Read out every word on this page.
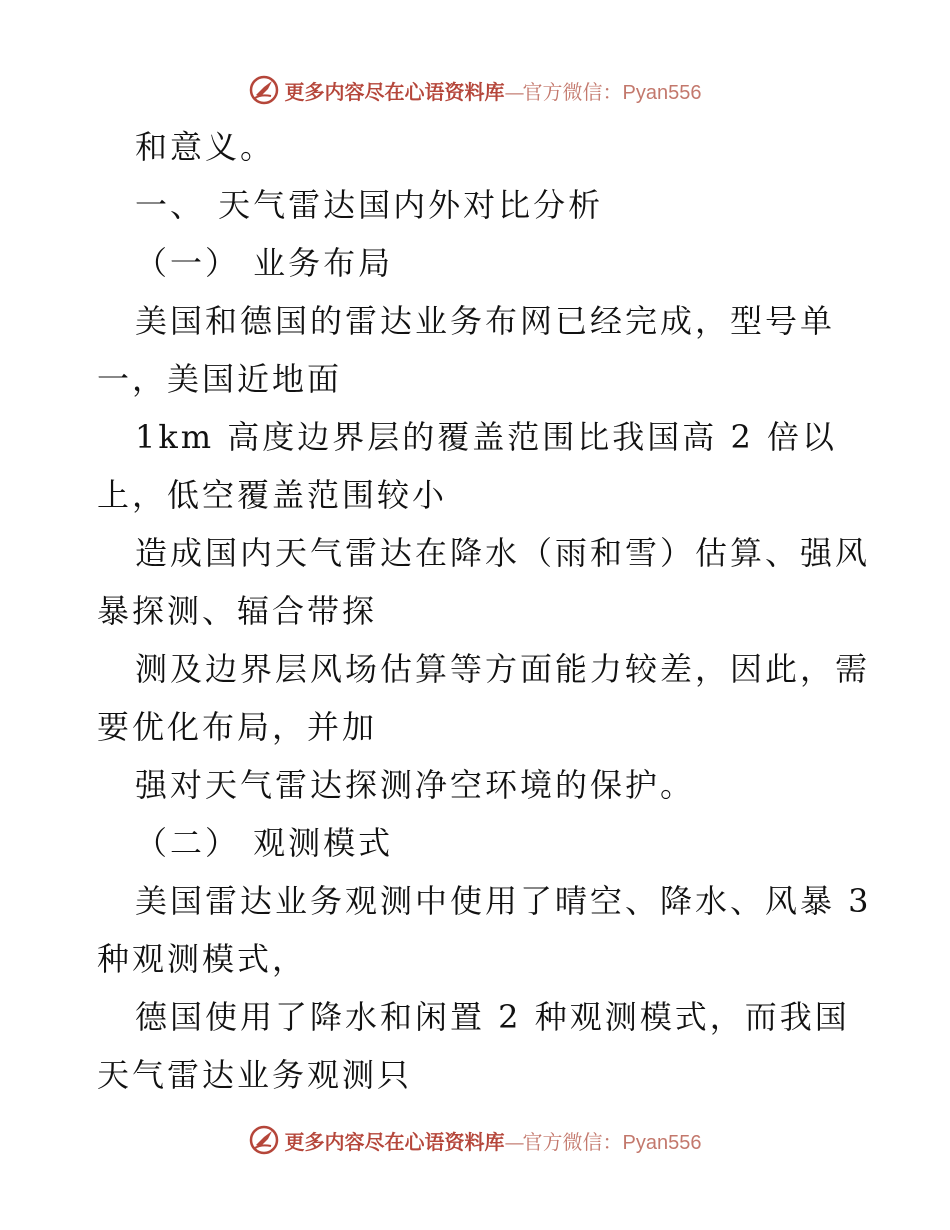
更多内容尽在心语资料库—官方微信：Pyan556
和意义。
一、 天气雷达国内外对比分析
（一） 业务布局
美国和德国的雷达业务布网已经完成，型号单
一，美国近地面
1km 高度边界层的覆盖范围比我国高 2 倍以
上，低空覆盖范围较小
造成国内天气雷达在降水（雨和雪）估算、强风
暴探测、辐合带探
测及边界层风场估算等方面能力较差，因此，需
要优化布局，并加
强对天气雷达探测净空环境的保护。
（二） 观测模式
美国雷达业务观测中使用了晴空、降水、风暴 3
种观测模式，
德国使用了降水和闲置 2 种观测模式，而我国
天气雷达业务观测只
更多内容尽在心语资料库—官方微信：Pyan556
